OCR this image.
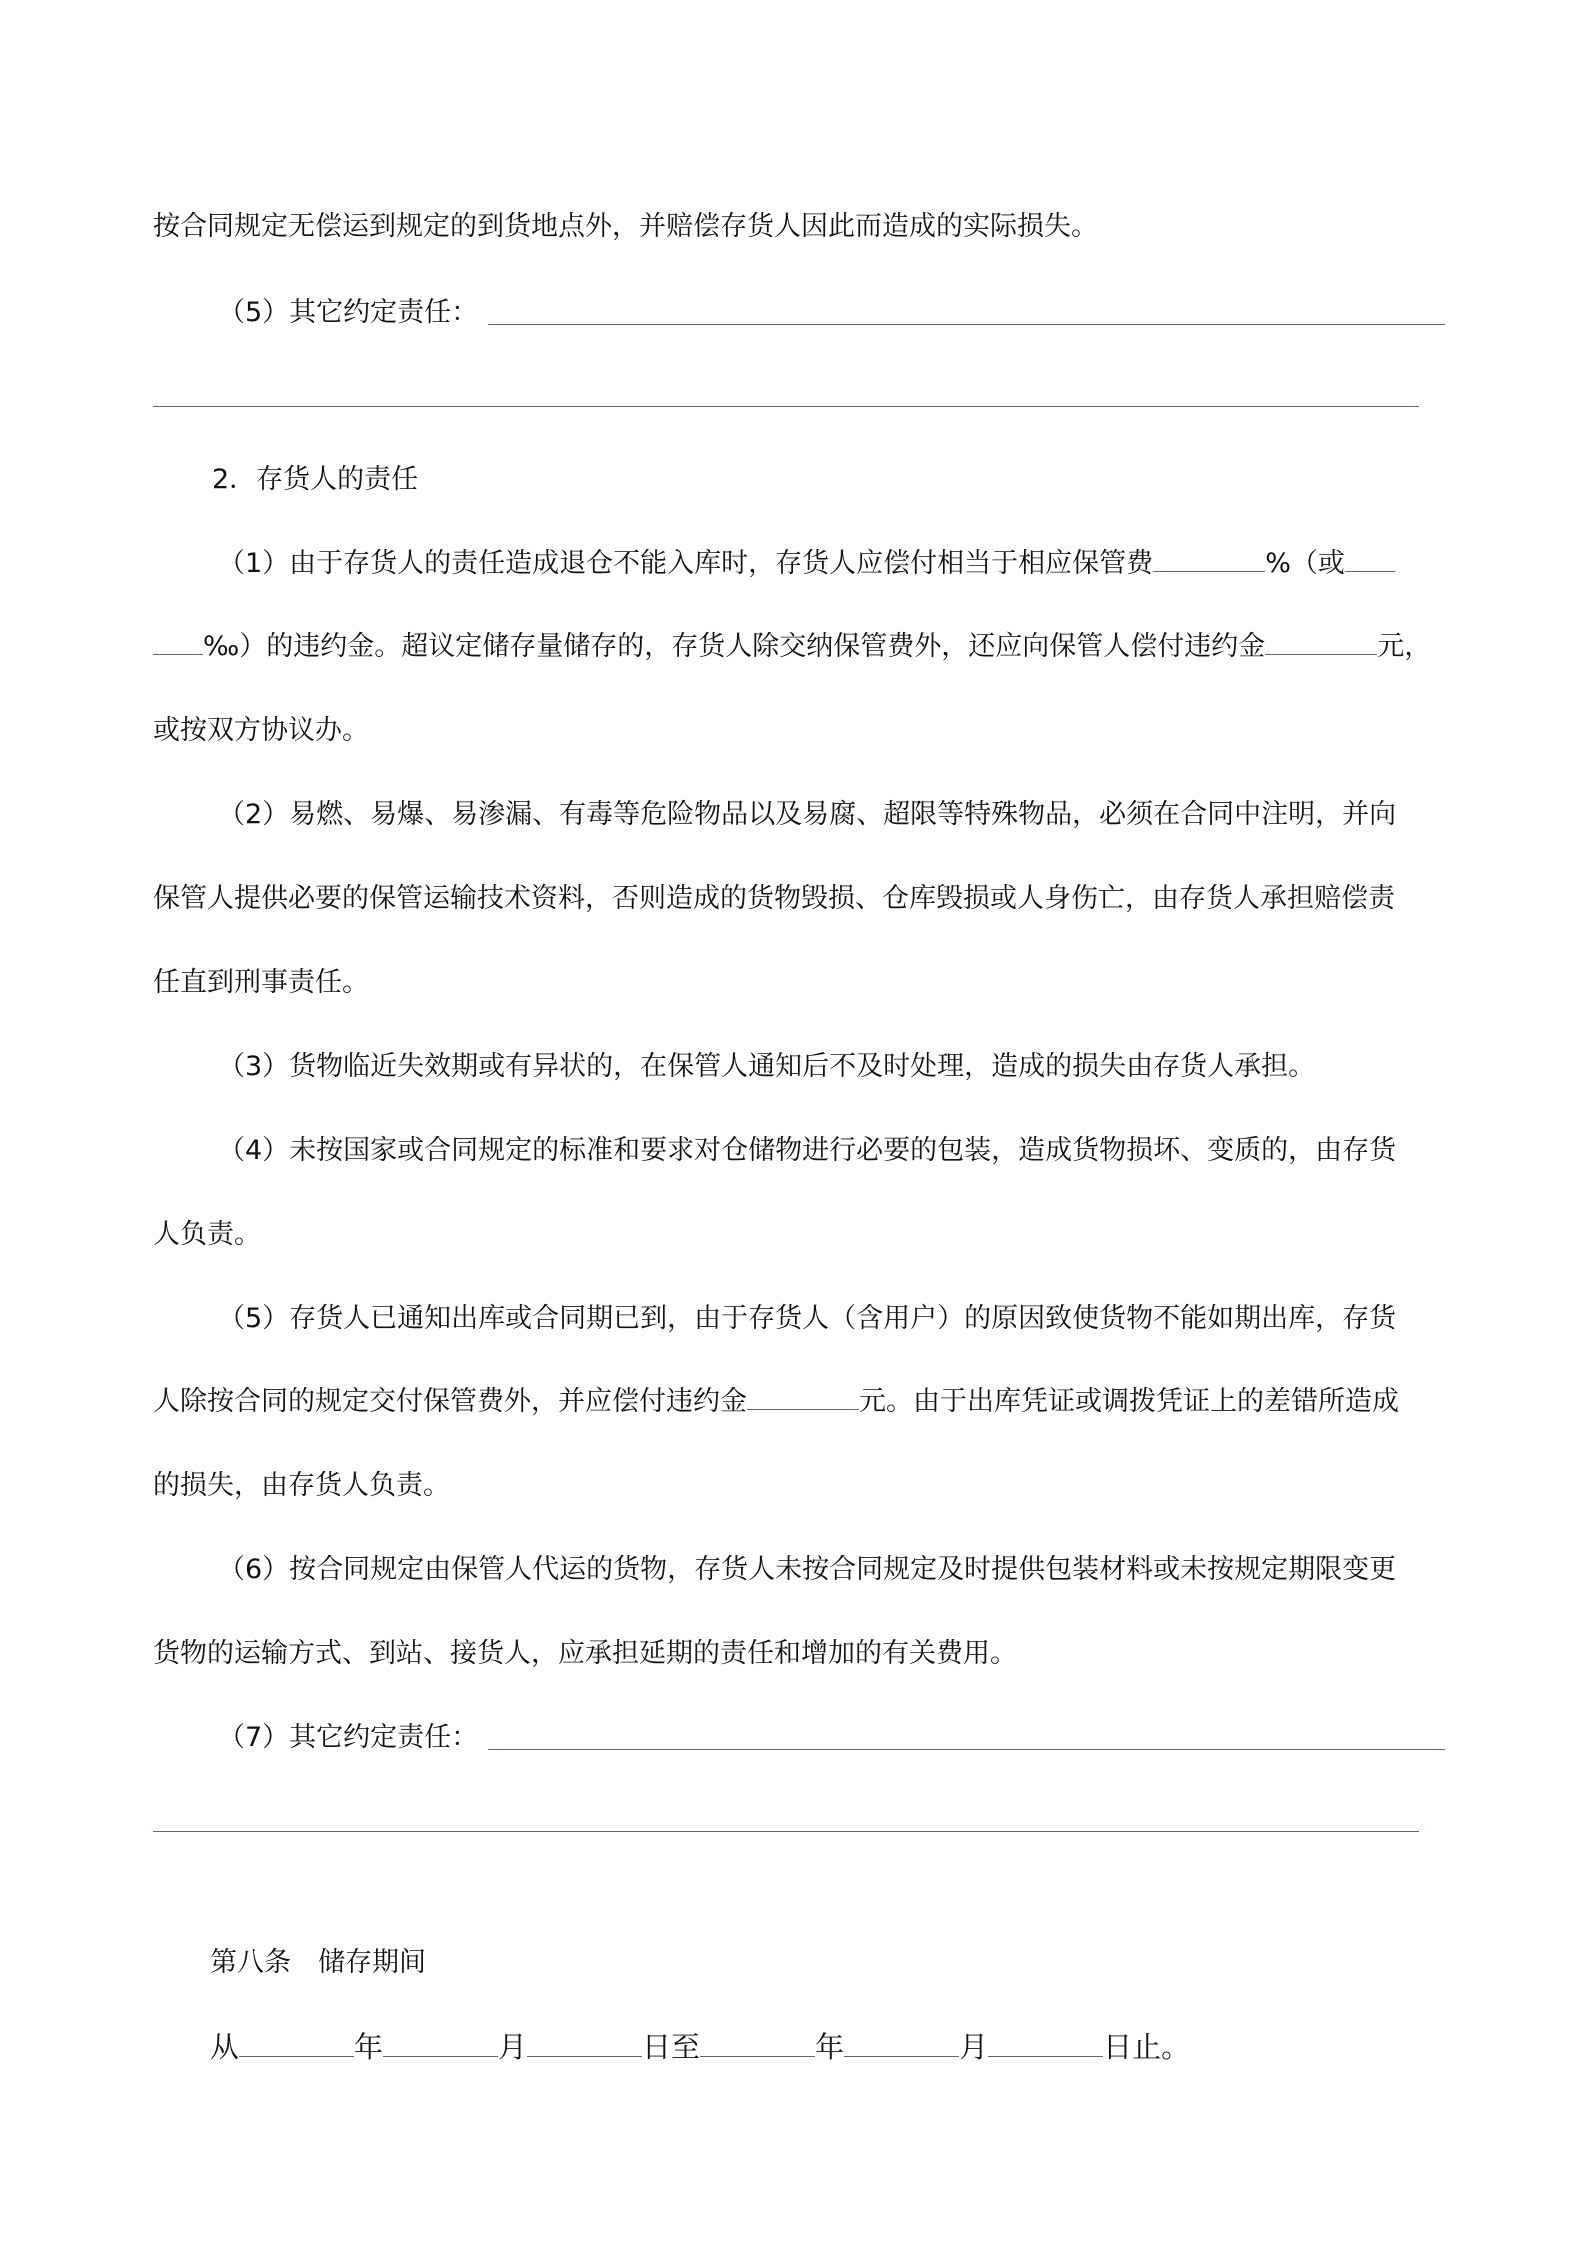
按合同规定无偿运到规定的到货地点外，并赔偿存货人因此而造成的实际损失。
（5）其它约定责任：
2．存货人的责任
（1）由于存货人的责任造成退仓不能入库时，存货人应偿付相当于相应保管费	%（或
‰）的违约金。超议定储存量储存的，存货人除交纳保管费外，还应向保管人偿付违约金	元，
或按双方协议办。
（2）易燃、易爆、易渗漏、有毒等危险物品以及易腐、超限等特殊物品，必须在合同中注明，并向
保管人提供必要的保管运输技术资料，否则造成的货物毁损、仓库毁损或人身伤亡，由存货人承担赔偿责
任直到刑事责任。
（3）货物临近失效期或有异状的，在保管人通知后不及时处理，造成的损失由存货人承担。
（4）未按国家或合同规定的标准和要求对仓储物进行必要的包装，造成货物损坏、变质的，由存货
人负责。
（5）存货人已通知出库或合同期已到，由于存货人（含用户）的原因致使货物不能如期出库，存货
人除按合同的规定交付保管费外，并应偿付违约金	元。由于出库凭证或调拨凭证上的差错所造成
的损失，由存货人负责。
（6）按合同规定由保管人代运的货物，存货人未按合同规定及时提供包装材料或未按规定期限变更
货物的运输方式、到站、接货人，应承担延期的责任和增加的有关费用。
（7）其它约定责任：
第八条　储存期间
从	年	月	日至	年	月	日止。
